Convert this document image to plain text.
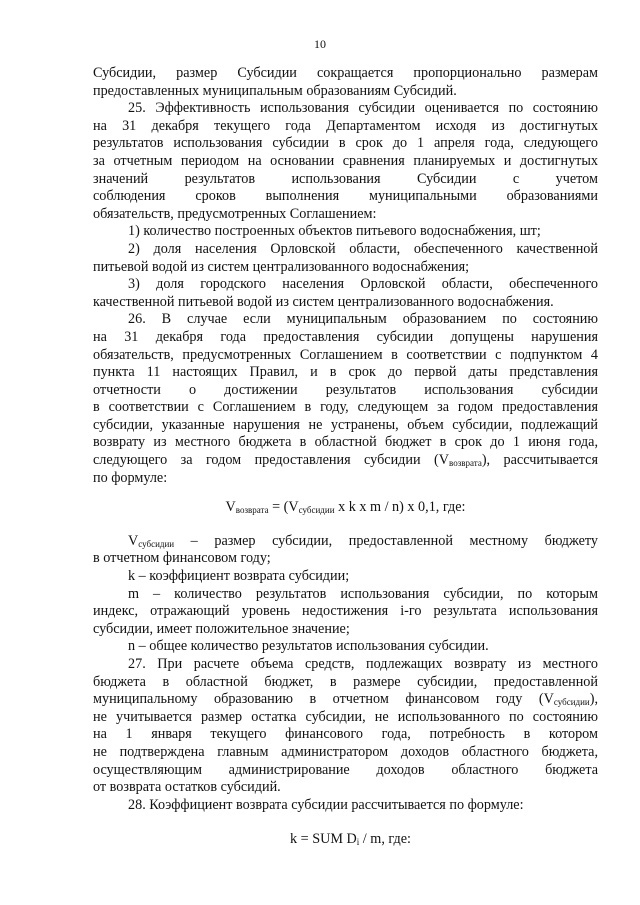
10
Субсидии, размер Субсидии сокращается пропорционально размерам
предоставленных муниципальным образованиям Субсидий.
25. Эффективность использования субсидии оценивается по состоянию
на 31 декабря текущего года Департаментом исходя из достигнутых
результатов использования субсидии в срок до 1 апреля года, следующего
за отчетным периодом на основании сравнения планируемых и достигнутых
значений результатов использования Субсидии с учетом
соблюдения сроков выполнения муниципальными образованиями
обязательств, предусмотренных Соглашением:
1) количество построенных объектов питьевого водоснабжения, шт;
2) доля населения Орловской области, обеспеченного качественной
питьевой водой из систем централизованного водоснабжения;
3) доля городского населения Орловской области, обеспеченного
качественной питьевой водой из систем централизованного водоснабжения.
26. В случае если муниципальным образованием по состоянию
на 31 декабря года предоставления субсидии допущены нарушения
обязательств, предусмотренных Соглашением в соответствии с подпунктом 4
пункта 11 настоящих Правил, и в срок до первой даты представления
отчетности о достижении результатов использования субсидии
в соответствии с Соглашением в году, следующем за годом предоставления
субсидии, указанные нарушения не устранены, объем субсидии, подлежащий
возврату из местного бюджета в областной бюджет в срок до 1 июня года,
следующего за годом предоставления субсидии $(V_{возврата})$, рассчитывается
по формуле:
$V_{возврата} = (V_{субсидии}$ x k x m / n) x 0,1, где:
$V_{субсидии}$ – размер субсидии, предоставленной местному бюджету
в отчетном финансовом году;
k – коэффициент возврата субсидии;
m – количество результатов использования субсидии, по которым
индекс, отражающий уровень недостижения i-го результата использования
субсидии, имеет положительное значение;
n – общее количество результатов использования субсидии.
27. При расчете объема средств, подлежащих возврату из местного
бюджета в областной бюджет, в размере субсидии, предоставленной
муниципальному образованию в отчетном финансовом году $(V_{субсидии})$,
не учитывается размер остатка субсидии, не использованного по состоянию
на 1 января текущего финансового года, потребность в котором
не подтверждена главным администратором доходов областного бюджета,
осуществляющим администрирование доходов областного бюджета
от возврата остатков субсидий.
28. Коэффициент возврата субсидии рассчитывается по формуле:
k = SUM $D_i$ / m, где:
